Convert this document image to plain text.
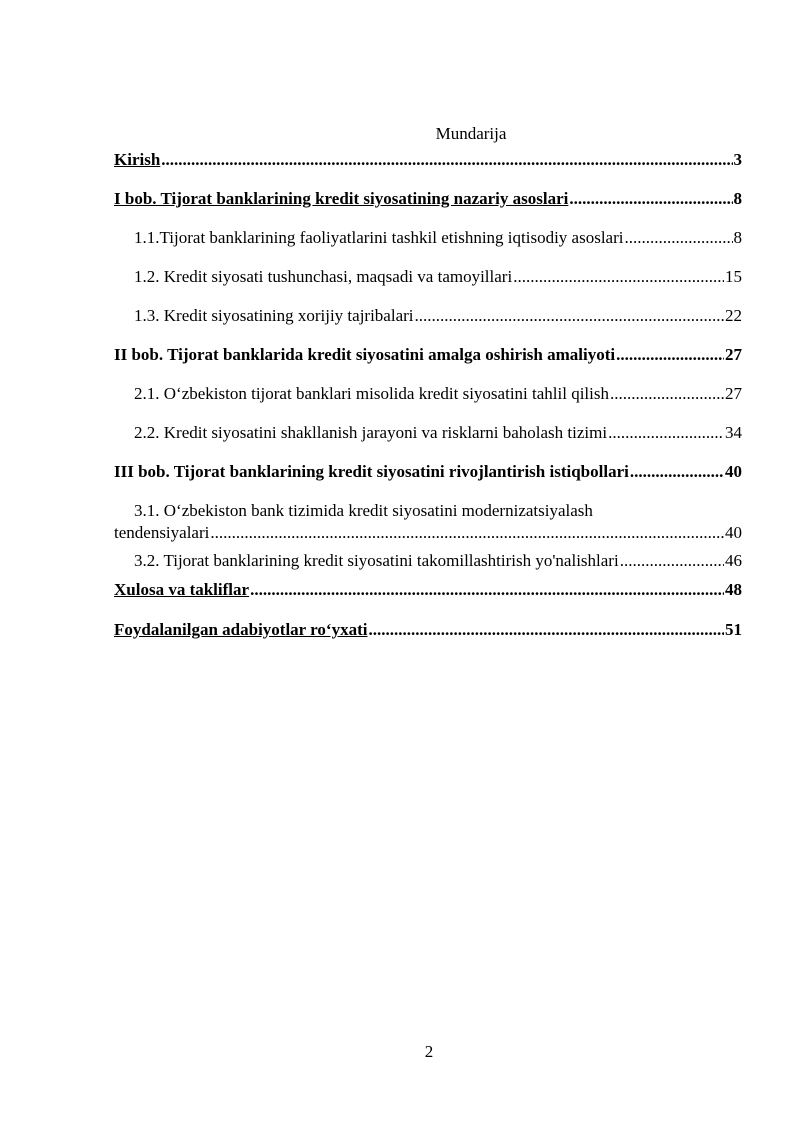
Mundarija
Kirish .....	3
I bob. Tijorat banklarining kredit siyosatining nazariy asoslari .....	8
1.1.Tijorat banklarining faoliyatlarini tashkil etishning iqtisodiy asoslari .....	8
1.2. Kredit siyosati tushunchasi, maqsadi va tamoyillari .....	15
1.3. Kredit siyosatining xorijiy tajribalari .....	22
II bob. Tijorat banklarida kredit siyosatini amalga oshirish amaliyoti .....	27
2.1. O‘zbekiston tijorat banklari misolida kredit siyosatini tahlil qilish .....	27
2.2. Kredit siyosatini shakllanish jarayoni va risklarni baholash tizimi .....	34
III bob. Tijorat banklarining kredit siyosatini rivojlantirish istiqbollari .....	40
3.1. O‘zbekiston bank tizimida kredit siyosatini modernizatsiyalash
tendensiyalari .....	40
3.2. Tijorat banklarining kredit siyosatini takomillashtirish yo'nalishlari .....	46
Xulosa va takliflar .....	48
Foydalanilgan adabiyotlar ro‘yxati .....	51
2
